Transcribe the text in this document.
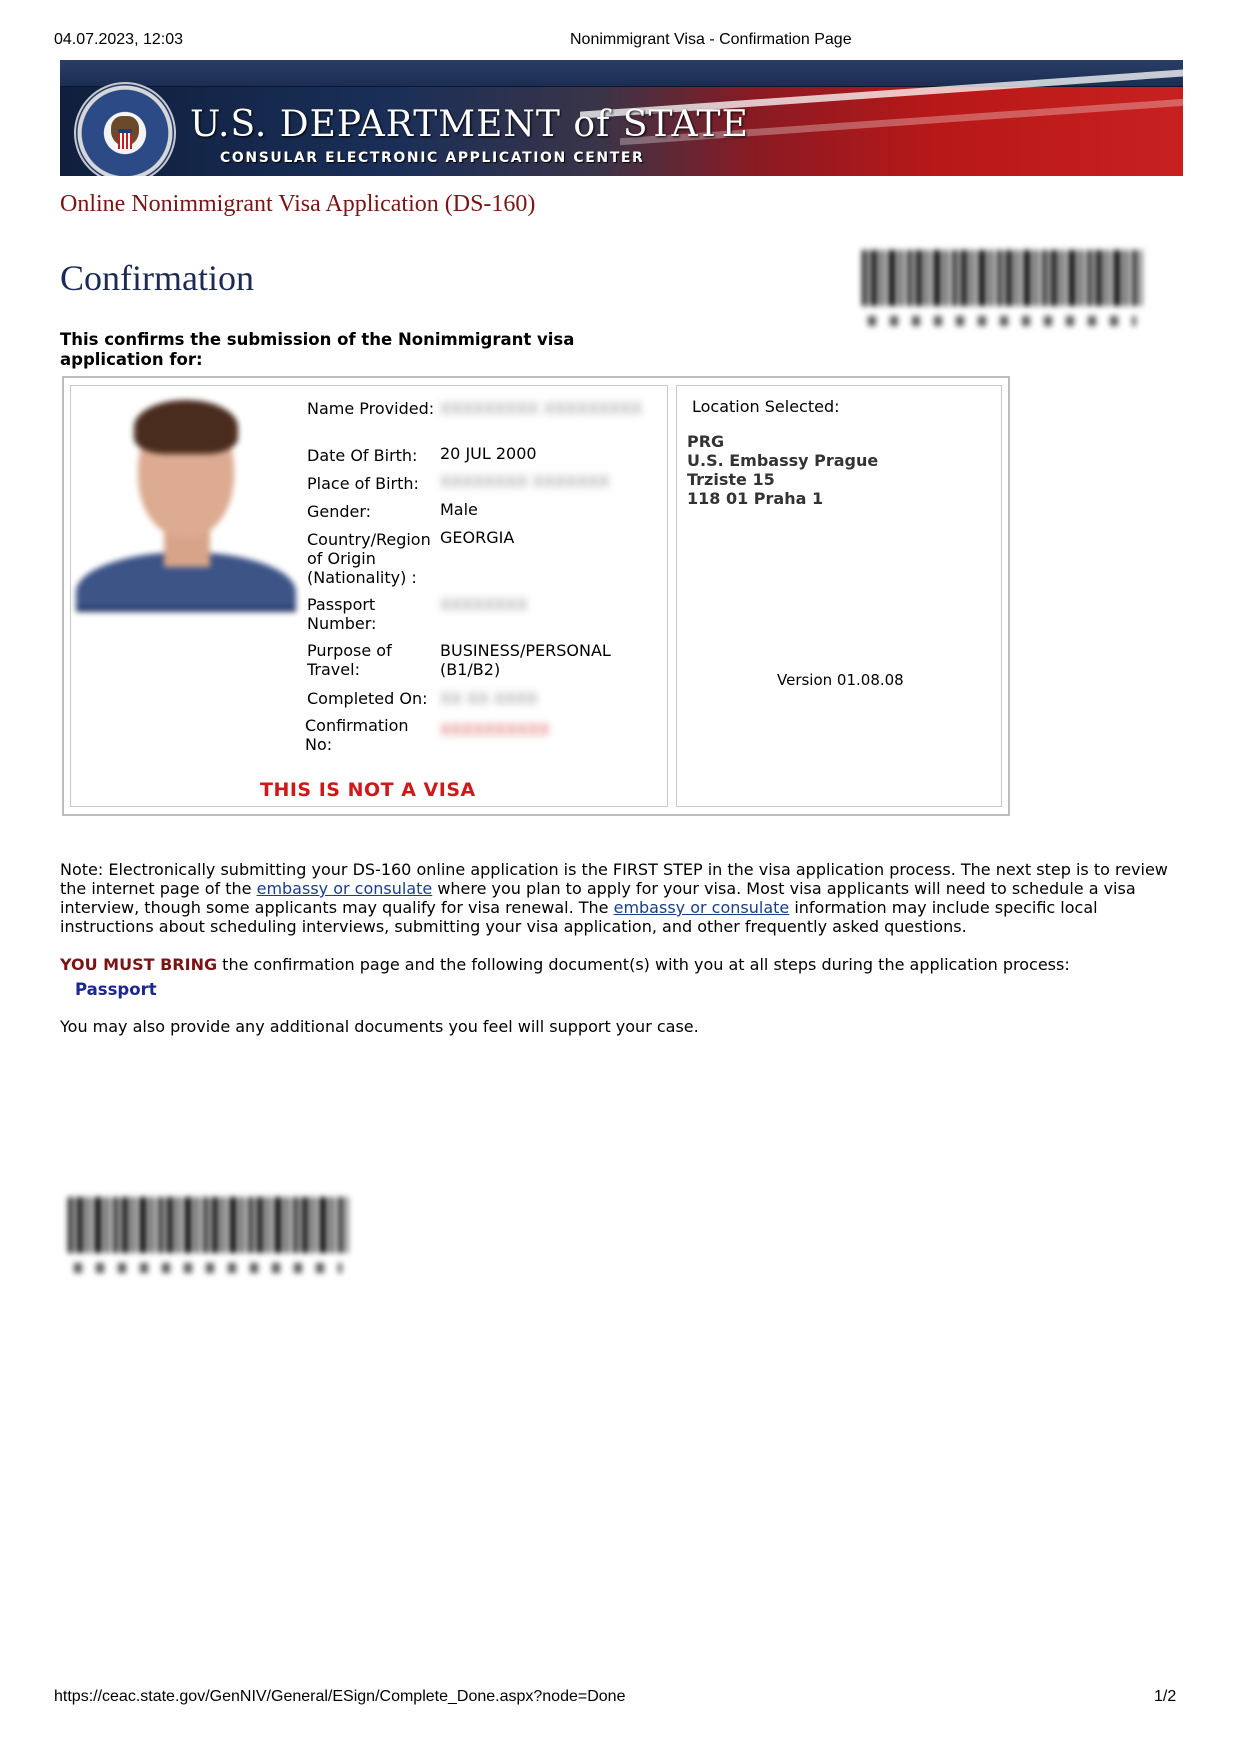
04.07.2023, 12:03	Nonimmigrant Visa - Confirmation Page
U.S. DEPARTMENT of STATE
CONSULAR ELECTRONIC APPLICATION CENTER
Online Nonimmigrant Visa Application (DS-160)
Confirmation
This confirms the submission of the Nonimmigrant visa application for:
Name Provided: XXXXXXXXX XXXXXXXXX
Date Of Birth:	20 JUL 2000
Place of Birth:	XXXXXXXX XXXXXXX
Gender:	Male
Country/Region of Origin (Nationality) :
GEORGIA
Passport Number:
XXXXXXXX
Purpose of Travel:
BUSINESS/PERSONAL (B1/B2)
Completed On: XX XX XXXX
Confirmation No:
XXXXXXXXXX
THIS IS NOT A VISA
Location Selected:
PRG
U.S. Embassy Prague
Trziste 15
118 01 Praha 1
Version 01.08.08
Note: Electronically submitting your DS-160 online application is the FIRST STEP in the visa application process. The next step is to review the internet page of the embassy or consulate where you plan to apply for your visa. Most visa applicants will need to schedule a visa interview, though some applicants may qualify for visa renewal. The embassy or consulate information may include specific local instructions about scheduling interviews, submitting your visa application, and other frequently asked questions.
YOU MUST BRING the confirmation page and the following document(s) with you at all steps during the application process:
Passport
You may also provide any additional documents you feel will support your case.
https://ceac.state.gov/GenNIV/General/ESign/Complete_Done.aspx?node=Done	1/2
